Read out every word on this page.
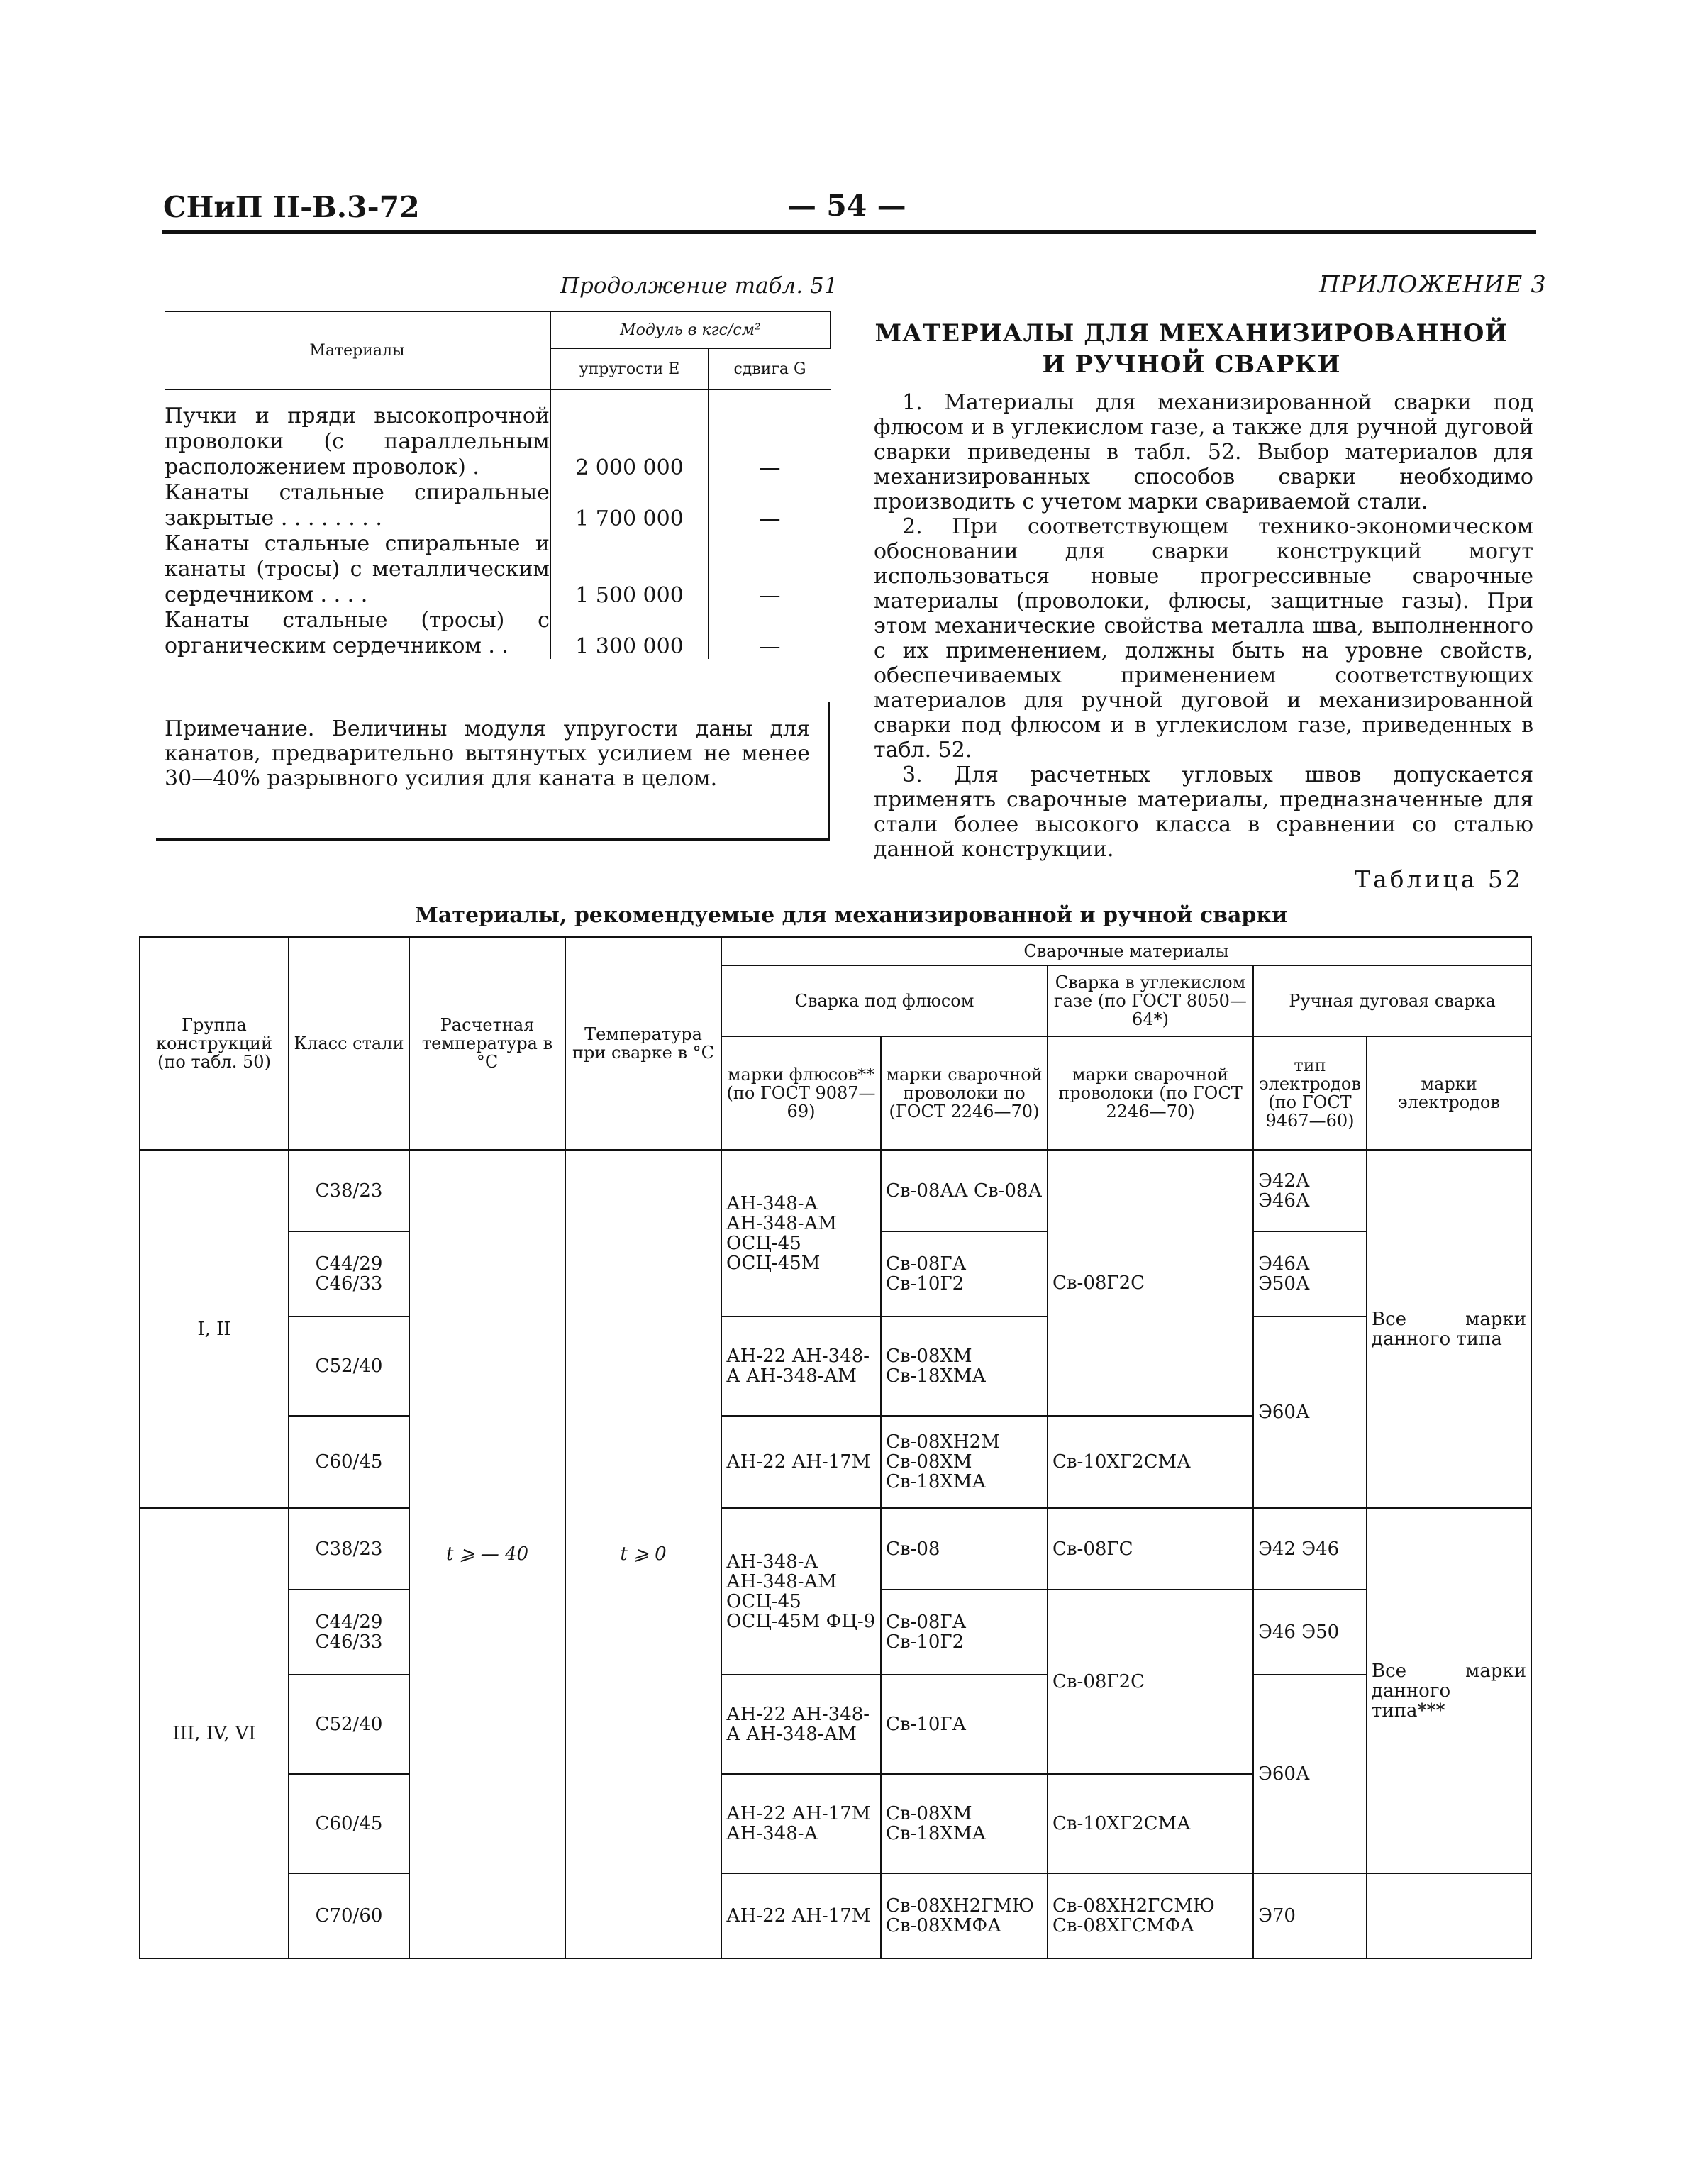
СНиП II-В.3-72	— 54 —
Продолжение табл. 51
Материалы	Модуль в кгс/см²	
	упругости E	сдвига G

Пучки и пряди высокопрочной проволоки (с параллельным расположением проволок) .	2 000 000	—
Канаты стальные спиральные закрытые . . . . . . . .	1 700 000	—
Канаты стальные спиральные и канаты (тросы) с металлическим сердечником . . . .	1 500 000	—
Канаты стальные (тросы) с органическим сердечником . .	1 300 000	—
Примечание. Величины модуля упругости даны для канатов, предварительно вытянутых усилием не менее 30—40% разрывного усилия для каната в целом.
ПРИЛОЖЕНИЕ 3
МАТЕРИАЛЫ ДЛЯ МЕХАНИЗИРОВАННОЙ
И РУЧНОЙ СВАРКИ

1. Материалы для механизированной сварки под флюсом и в углекислом газе, а также для ручной дуговой сварки приведены в табл. 52. Выбор материалов для механизированных способов сварки необходимо производить с учетом марки свариваемой стали.

2. При соответствующем технико-экономическом обосновании для сварки конструкций могут использоваться новые прогрессивные сварочные материалы (проволоки, флюсы, защитные газы). При этом механические свойства металла шва, выполненного с их применением, должны быть на уровне свойств, обеспечиваемых применением соответствующих материалов для ручной дуговой и механизированной сварки под флюсом и в углекислом газе, приведенных в табл. 52.

3. Для расчетных угловых швов допускается применять сварочные материалы, предназначенные для стали более высокого класса в сравнении со сталью данной конструкции.

Таблица 52
Материалы, рекомендуемые для механизированной и ручной сварки
Группа конструкций (по табл. 50)	Класс стали	Расчетная температура в °С	Температура при сварке в °С	Сварочные материалы				
				Сварка под флюсом		Сварка в углекислом газе (по ГОСТ 8050—64*)	Ручная дуговая сварка	
				марки флюсов** (по ГОСТ 9087—69)	марки сварочной проволоки по (ГОСТ 2246—70)	марки сварочной проволоки (по ГОСТ 2246—70)	тип электродов (по ГОСТ 9467—60)	марки электродов
I, II	С38/23	t ⩾ — 40	t ⩾ 0	АН-348-А АН-348-АМ ОСЦ-45 ОСЦ-45М	Св-08АА Св-08А	Св-08Г2С	Э42А Э46А	Все марки данного типа
	С44/29 С46/33				Св-08ГА Св-10Г2		Э46А Э50А	
	С52/40			АН-22 АН-348-А АН-348-АМ	Св-08ХМ Св-18ХМА		Э60А	
	С60/45			АН-22 АН-17М	Св-08ХН2М Св-08ХМ Св-18ХМА	Св-10ХГ2СМА		
III, IV, VI	С38/23			АН-348-А АН-348-АМ ОСЦ-45 ОСЦ-45М ФЦ-9	Св-08	Св-08ГС	Э42 Э46	Все марки данного типа***
	С44/29 С46/33				Св-08ГА Св-10Г2	Св-08Г2С	Э46 Э50	
	С52/40			АН-22 АН-348-А АН-348-АМ	Св-10ГА		Э60А	
	С60/45			АН-22 АН-17М АН-348-А	Св-08ХМ Св-18ХМА	Св-10ХГ2СМА		
	С70/60			АН-22 АН-17М	Св-08ХН2ГМЮ Св-08ХМФА	Св-08ХН2ГСМЮ Св-08ХГСМФА	Э70	
